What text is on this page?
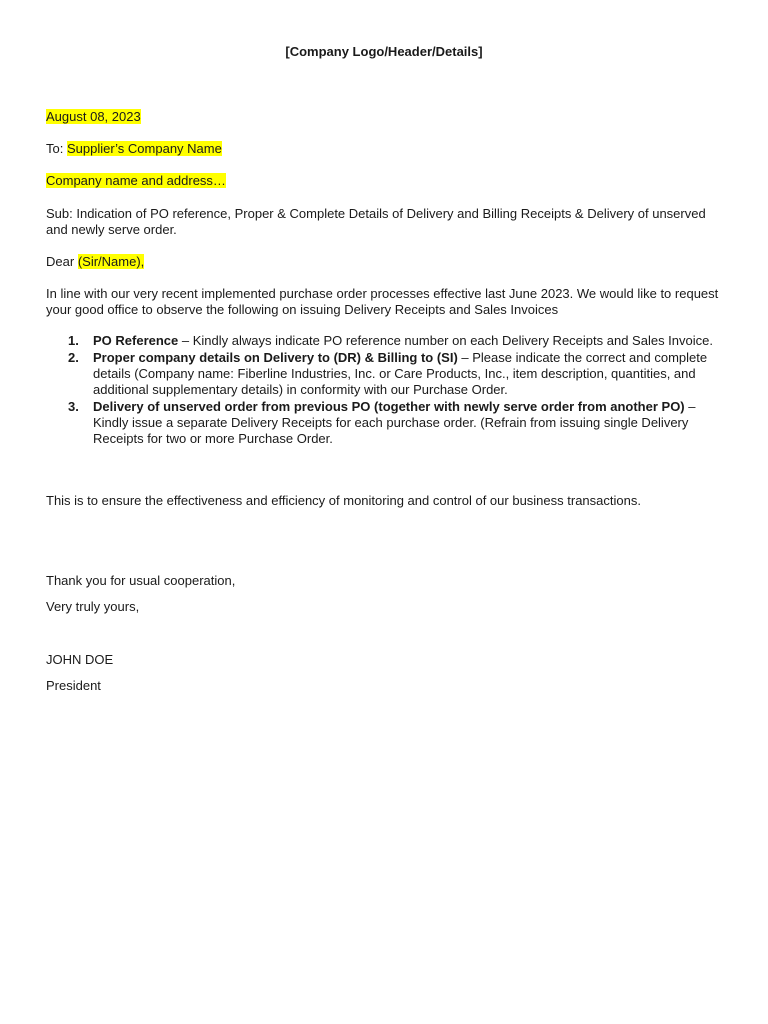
[Company Logo/Header/Details]
August 08, 2023
To: Supplier’s Company Name
Company name and address…
Sub: Indication of PO reference, Proper & Complete Details of Delivery and Billing Receipts & Delivery of unserved and newly serve order.
Dear (Sir/Name),
In line with our very recent implemented purchase order processes effective last June 2023. We would like to request your good office to observe the following on issuing Delivery Receipts and Sales Invoices
1. PO Reference – Kindly always indicate PO reference number on each Delivery Receipts and Sales Invoice.
2. Proper company details on Delivery to (DR) & Billing to (SI) – Please indicate the correct and complete details (Company name: Fiberline Industries, Inc. or Care Products, Inc., item description, quantities, and additional supplementary details) in conformity with our Purchase Order.
3. Delivery of unserved order from previous PO (together with newly serve order from another PO) – Kindly issue a separate Delivery Receipts for each purchase order. (Refrain from issuing single Delivery Receipts for two or more Purchase Order.
This is to ensure the effectiveness and efficiency of monitoring and control of our business transactions.
Thank you for usual cooperation,
Very truly yours,
JOHN DOE
President
